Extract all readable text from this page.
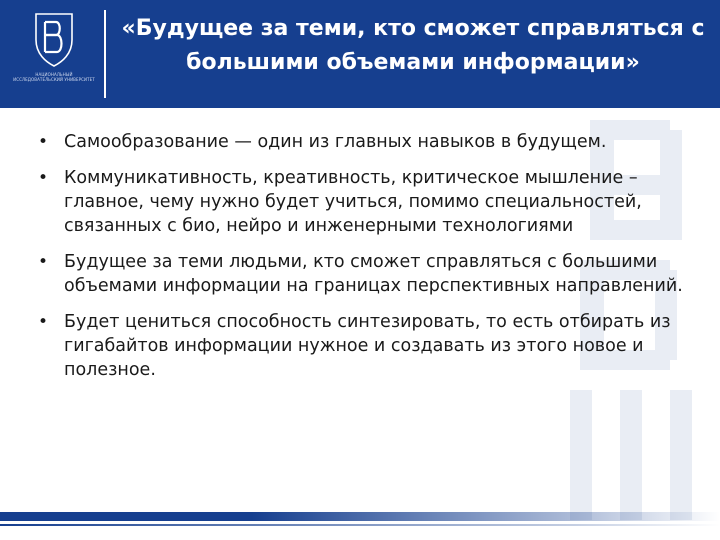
НАЦИОНАЛЬНЫЙ ИССЛЕДОВАТЕЛЬСКИЙ УНИВЕРСИТЕТ
«Будущее за теми, кто сможет справляться с большими объемами информации»
• Самообразование — один из главных навыков в будущем.
• Коммуникативность, креативность, критическое мышление – главное, чему нужно будет учиться, помимо специальностей, связанных с био, нейро и инженерными технологиями
• Будущее за теми людьми, кто сможет справляться с большими объемами информации на границах перспективных направлений.
• Будет цениться способность синтезировать, то есть отбирать из гигабайтов информации нужное и создавать из этого новое и полезное.
